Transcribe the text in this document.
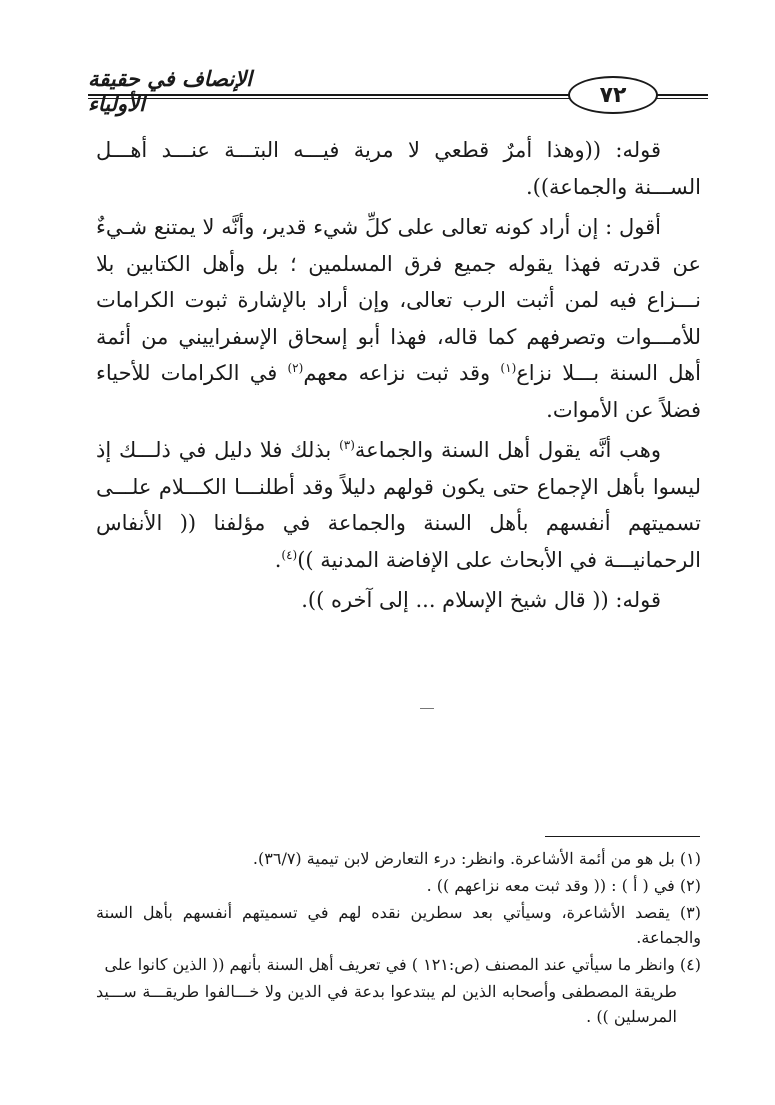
الإنصاف في حقيقة الأولياء	٧٢

قوله: ((وهذا أمرٌ قطعي لا مرية فيـــه البتـــة عنـــد أهـــل الســـنة والجماعة)).

أقول : إن أراد كونه تعالى على كلِّ شيء قدير، وأنَّه لا يمتنع شـيءٌ عن قدرته فهذا يقوله جميع فرق المسلمين ؛ بل وأهل الكتابين بلا نـــزاع فيه لمن أثبت الرب تعالى، وإن أراد بالإشارة ثبوت الكرامات للأمـــوات وتصرفهم كما قاله، فهذا أبو إسحاق الإسفراييني من أئمة أهل السنة بـــلا نزاع$^{(١)}$ وقد ثبت نزاعه معهم$^{(٢)}$ في الكرامات للأحياء فضلاً عن الأموات.

وهب أنَّه يقول أهل السنة والجماعة$^{(٣)}$ بذلك فلا دليل في ذلـــك إذ ليسوا بأهل الإجماع حتى يكون قولهم دليلاً وقد أطلنـــا الكـــلام علـــى تسميتهم أنفسهم بأهل السنة والجماعة في مؤلفنا (( الأنفاس الرحمانيـــة في الأبحاث على الإفاضة المدنية ))$^{(٤)}$.

قوله: (( قال شيخ الإسلام ... إلى آخره )).

(١) بل هو من أئمة الأشاعرة. وانظر: درء التعارض لابن تيمية (٣٦/٧).

(٢) في ( أ ) : (( وقد ثبت معه نزاعهم )) .

(٣) يقصد الأشاعرة، وسيأتي بعد سطرين نقده لهم في تسميتهم أنفسهم بأهل السنة والجماعة.

(٤) وانظر ما سيأتي عند المصنف (ص:١٢١ ) في تعريف أهل السنة بأنهم (( الذين كانوا على

طريقة المصطفى وأصحابه الذين لم يبتدعوا بدعة في الدين ولا خـــالفوا طريقـــة ســـيد المرسلين )) .
